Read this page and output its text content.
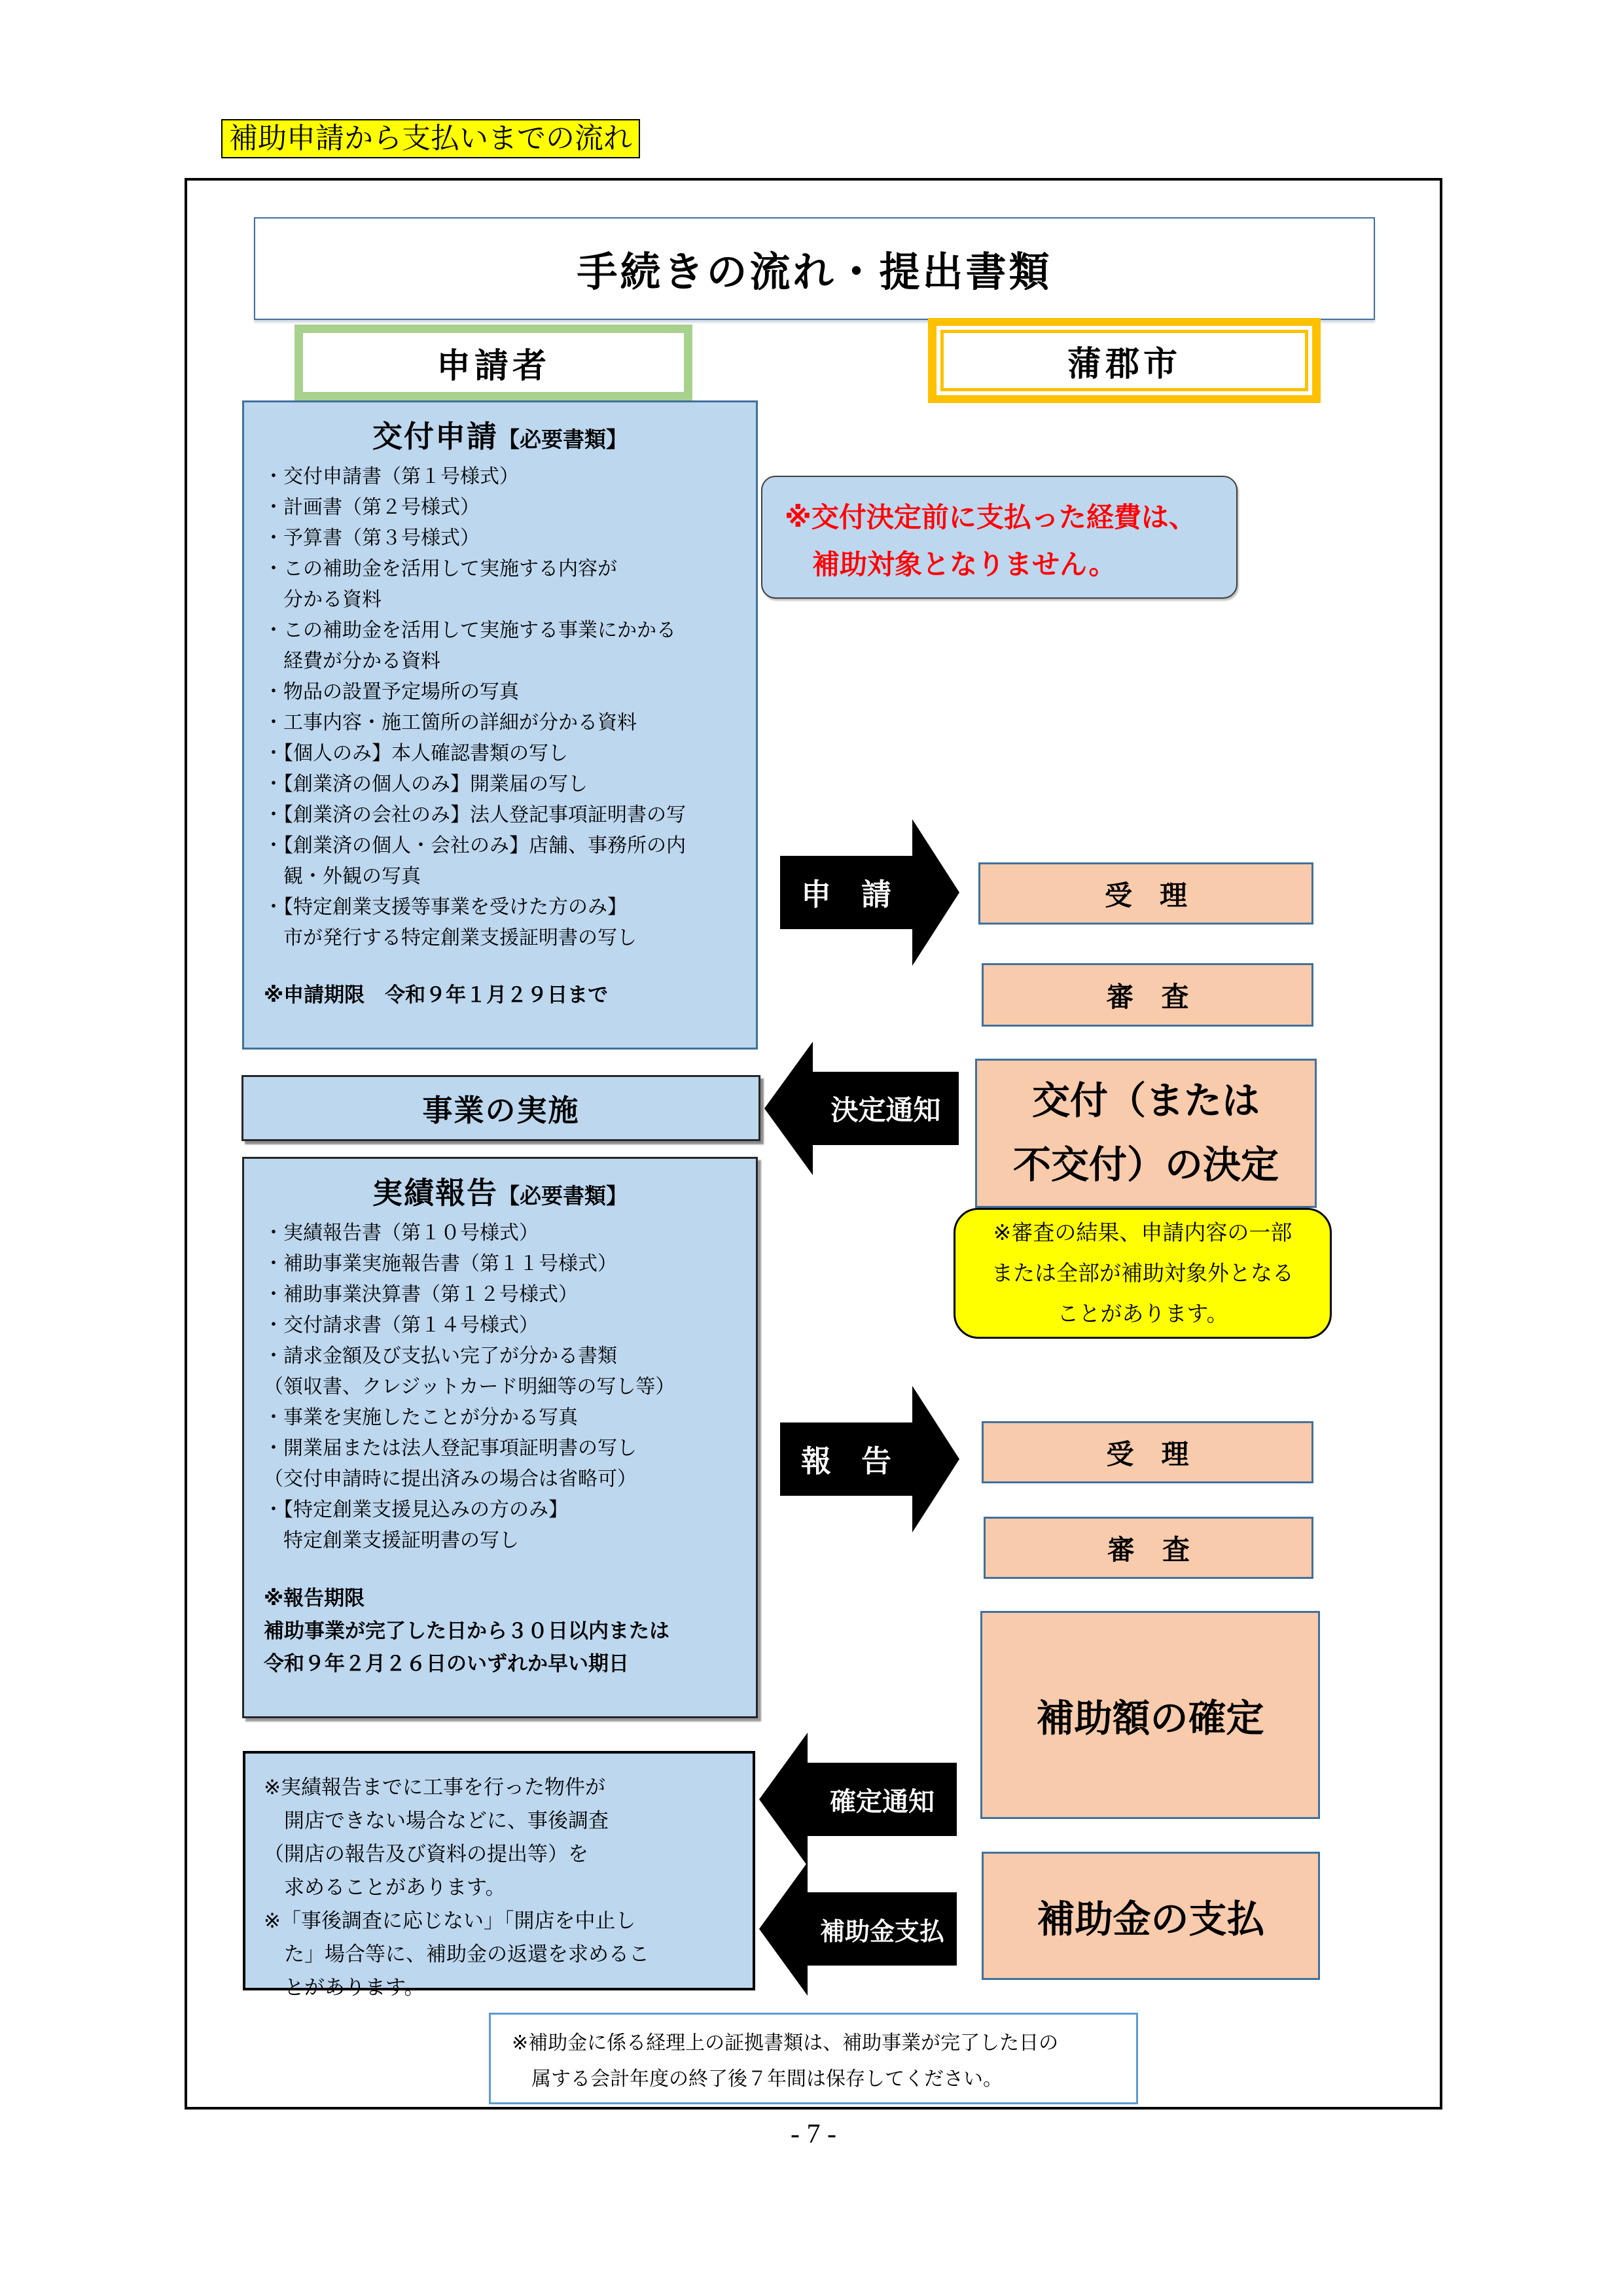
補助申請から支払いまでの流れ
手続きの流れ・提出書類
申請者	蒲郡市
交付申請【必要書類】
・交付申請書（第１号様式）
・計画書（第２号様式）
・予算書（第３号様式）
・この補助金を活用して実施する内容が
　分かる資料
・この補助金を活用して実施する事業にかかる
　経費が分かる資料
・物品の設置予定場所の写真
・工事内容・施工箇所の詳細が分かる資料
・【個人のみ】本人確認書類の写し
・【創業済の個人のみ】開業届の写し
・【創業済の会社のみ】法人登記事項証明書の写
・【創業済の個人・会社のみ】店舗、事務所の内
　観・外観の写真
・【特定創業支援等事業を受けた方のみ】
　市が発行する特定創業支援証明書の写し
※申請期限　令和９年１月２９日まで
※交付決定前に支払った経費は、
　補助対象となりません。
申　請	受　理
審　査
事業の実施	決定通知 交付（または
不交付）の決定
※審査の結果、申請内容の一部
または全部が補助対象外となる
ことがあります。
実績報告【必要書類】
・実績報告書（第１０号様式）
・補助事業実施報告書（第１１号様式）
・補助事業決算書（第１２号様式）
・交付請求書（第１４号様式）
・請求金額及び支払い完了が分かる書類
（領収書、クレジットカード明細等の写し等）
・事業を実施したことが分かる写真
・開業届または法人登記事項証明書の写し
（交付申請時に提出済みの場合は省略可）
・【特定創業支援見込みの方のみ】
　特定創業支援証明書の写し
※報告期限
補助事業が完了した日から３０日以内または
令和９年２月２６日のいずれか早い期日
報　告	受　理
審　査
補助額の確定
※実績報告までに工事を行った物件が
　開店できない場合などに、事後調査
（開店の報告及び資料の提出等）を
　求めることがあります。
※「事後調査に応じない」「開店を中止し
　た」場合等に、補助金の返還を求めるこ
　とがあります。
確定通知
補助金支払 補助金の支払
※補助金に係る経理上の証拠書類は、補助事業が完了した日の
　属する会計年度の終了後７年間は保存してください。
- 7 -
